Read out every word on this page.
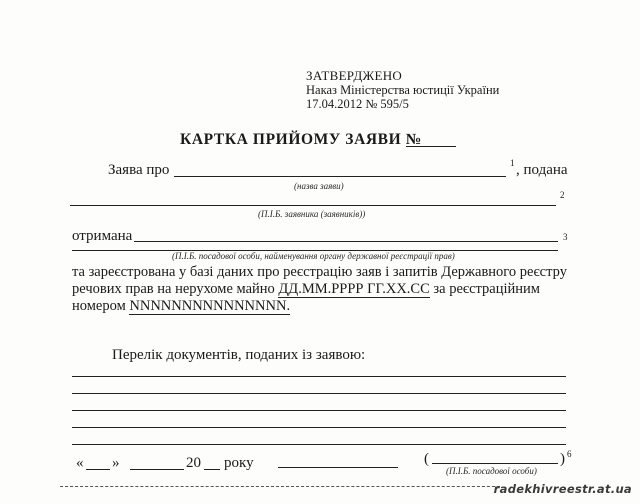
ЗАТВЕРДЖЕНО
Наказ Міністерства юстиції України
17.04.2012 № 595/5
КАРТКА ПРИЙОМУ ЗАЯВИ №
Заява про	1 , подана
(назва заяви)
2
(П.І.Б. заявника (заявників))
отримана	3
(П.І.Б. посадової особи, найменування органу державної реєстрації прав)
та зареєстрована у базі даних про реєстрацію заяв і запитів Державного реєстру речових прав на нерухоме майно ДД.ММ.РРРР ГГ.ХХ.СС за реєстраційним
номером NNNNNNNNNNNNNNN.
Перелік документів, поданих із заявою:
« »	20 року	(	) 6
(П.І.Б. посадової особи)
radekhivreestr.at.ua
